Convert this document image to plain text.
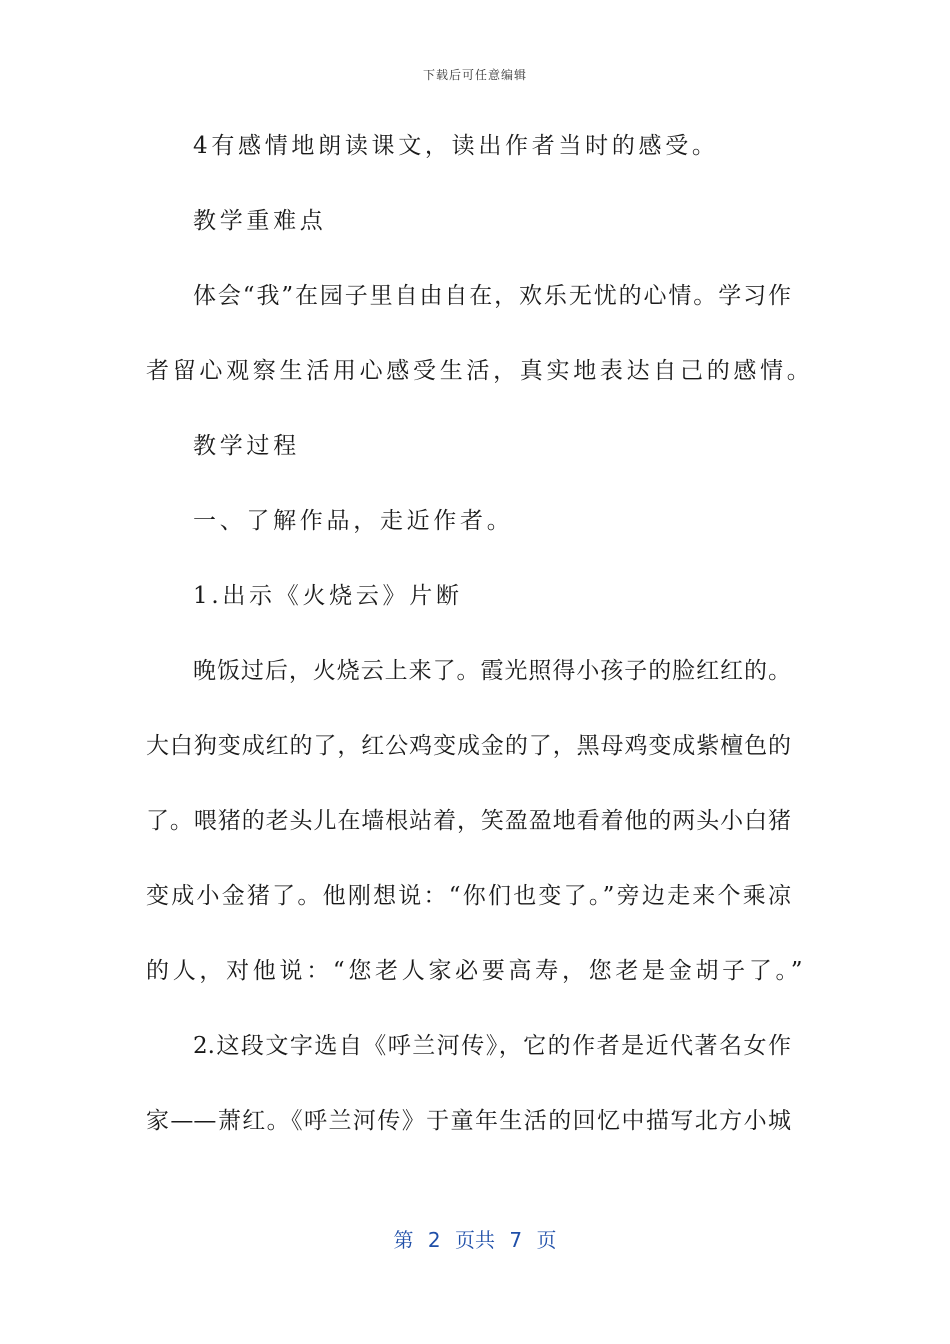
下载后可任意编辑
4有感情地朗读课文，读出作者当时的感受。
教学重难点
体会“我”在园子里自由自在，欢乐无忧的心情。学习作
者留心观察生活用心感受生活，真实地表达自己的感情。
教学过程
一、了解作品，走近作者。
1.出示《火烧云》片断
晚饭过后，火烧云上来了。霞光照得小孩子的脸红红的。
大白狗变成红的了，红公鸡变成金的了，黑母鸡变成紫檀色的
了。喂猪的老头儿在墙根站着，笑盈盈地看着他的两头小白猪
变成小金猪了。他刚想说：“你们也变了。”旁边走来个乘凉
的人，对他说：“您老人家必要高寿，您老是金胡子了。”
2.这段文字选自《呼兰河传》，它的作者是近代著名女作
家——萧红。《呼兰河传》于童年生活的回忆中描写北方小城
第 2 页共 7 页
